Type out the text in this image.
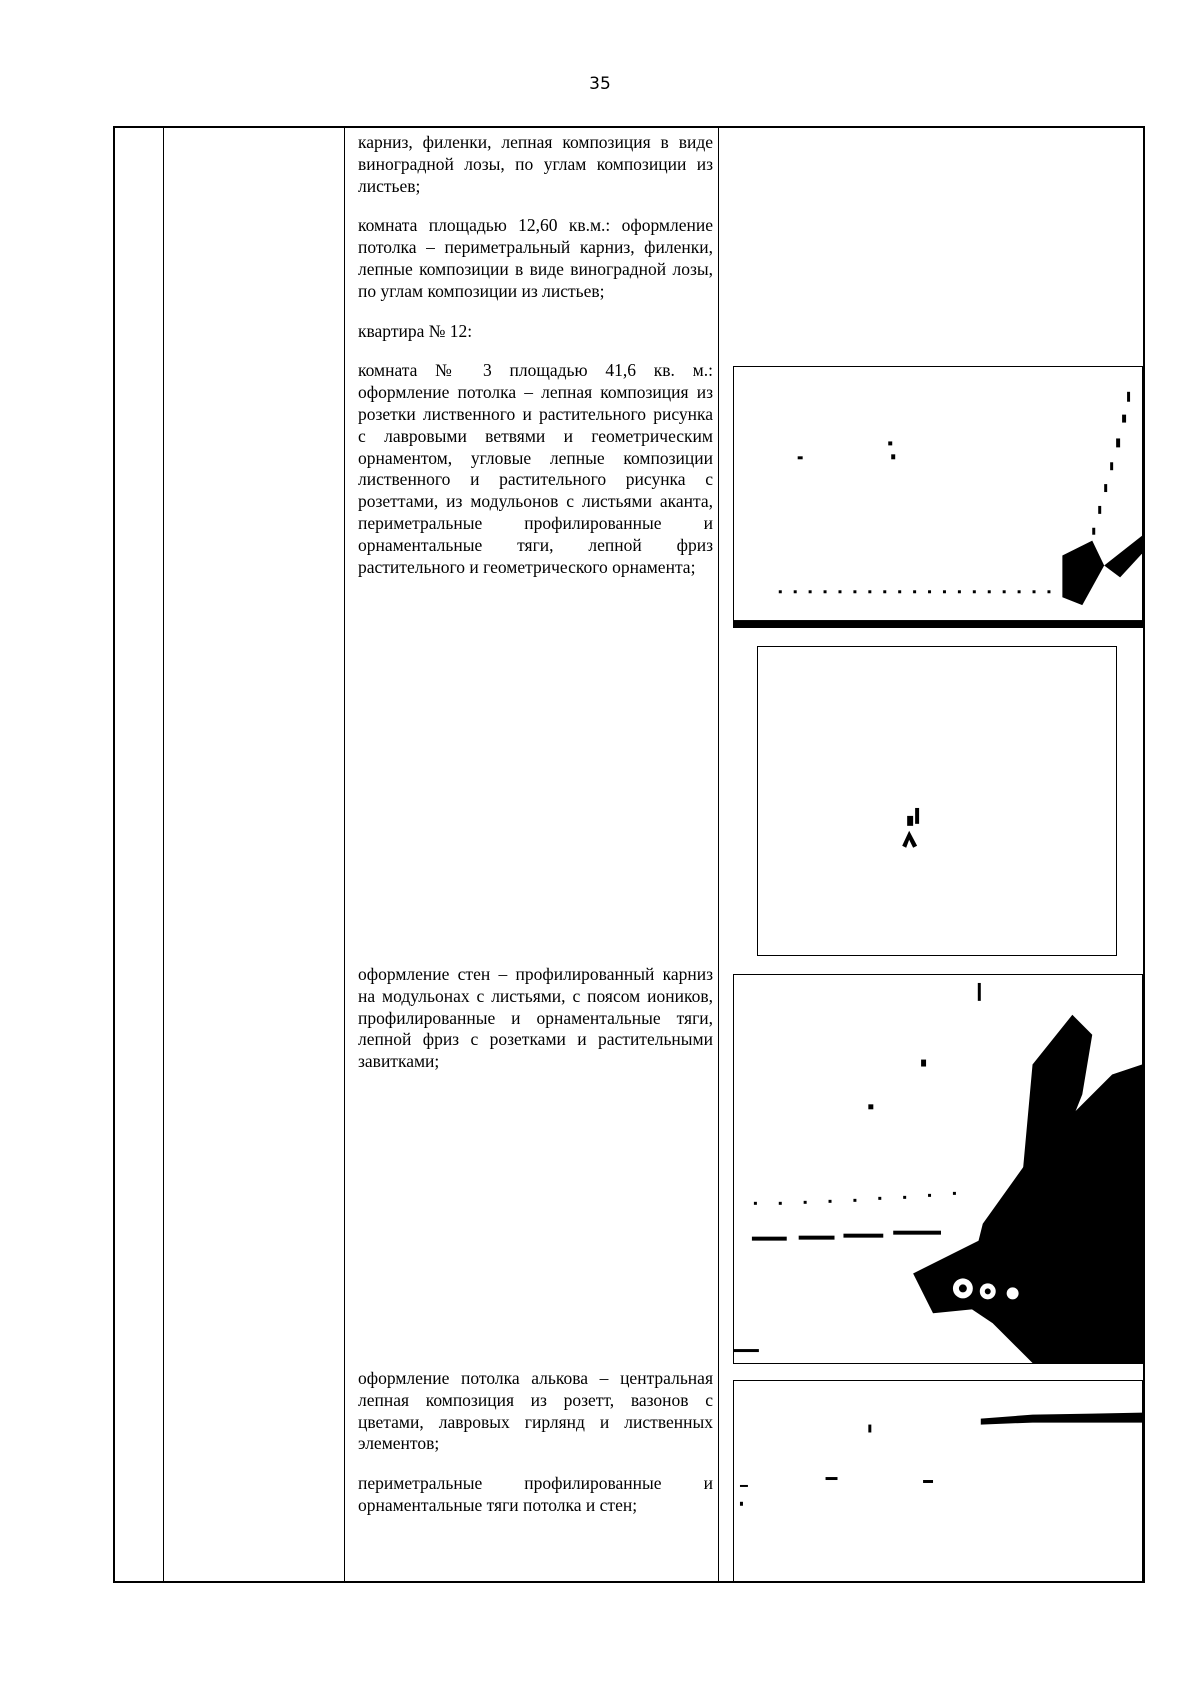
35

карниз, филенки, лепная композиция в виде виноградной лозы, по углам композиции из листьев;

комната площадью 12,60 кв.м.: оформление потолка – периметральный карниз, филенки, лепные композиции в виде виноградной лозы, по углам композиции из листьев;

квартира № 12:

комната № 3 площадью 41,6 кв. м.: оформление потолка – лепная композиция из розетки лиственного и растительного рисунка с лавровыми ветвями и геометрическим орнаментом, угловые лепные композиции лиственного и растительного рисунка с розеттами, из модульонов с листьями аканта, периметральные профилированные и орнаментальные тяги, лепной фриз растительного и геометрического орнамента;

оформление стен – профилированный карниз на модульонах с листьями, с поясом иоников, профилированные и орнаментальные тяги, лепной фриз с розетками и растительными завитками;

оформление потолка алькова – центральная лепная композиция из розетт, вазонов с цветами, лавровых гирлянд и лиственных элементов;

периметральные профилированные и орнаментальные тяги потолка и стен;
